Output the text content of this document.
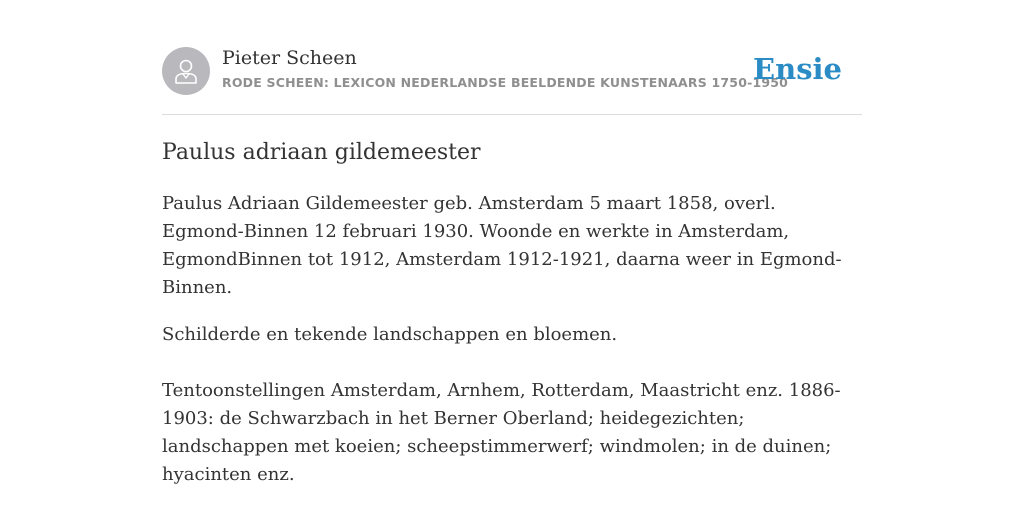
Pieter Scheen
RODE SCHEEN: LEXICON NEDERLANDSE BEELDENDE KUNSTENAARS 1750-1950
Ensie
Paulus adriaan gildemeester

Paulus Adriaan Gildemeester geb. Amsterdam 5 maart 1858, overl. Egmond-Binnen 12 februari 1930. Woonde en werkte in Amsterdam, EgmondBinnen tot 1912, Amsterdam 1912-1921, daarna weer in Egmond-Binnen.

Schilderde en tekende landschappen en bloemen.

Tentoonstellingen Amsterdam, Arnhem, Rotterdam, Maastricht enz. 1886-1903: de Schwarzbach in het Berner Oberland; heidegezichten; landschappen met koeien; scheepstimmerwerf; windmolen; in de duinen; hyacinten enz.
